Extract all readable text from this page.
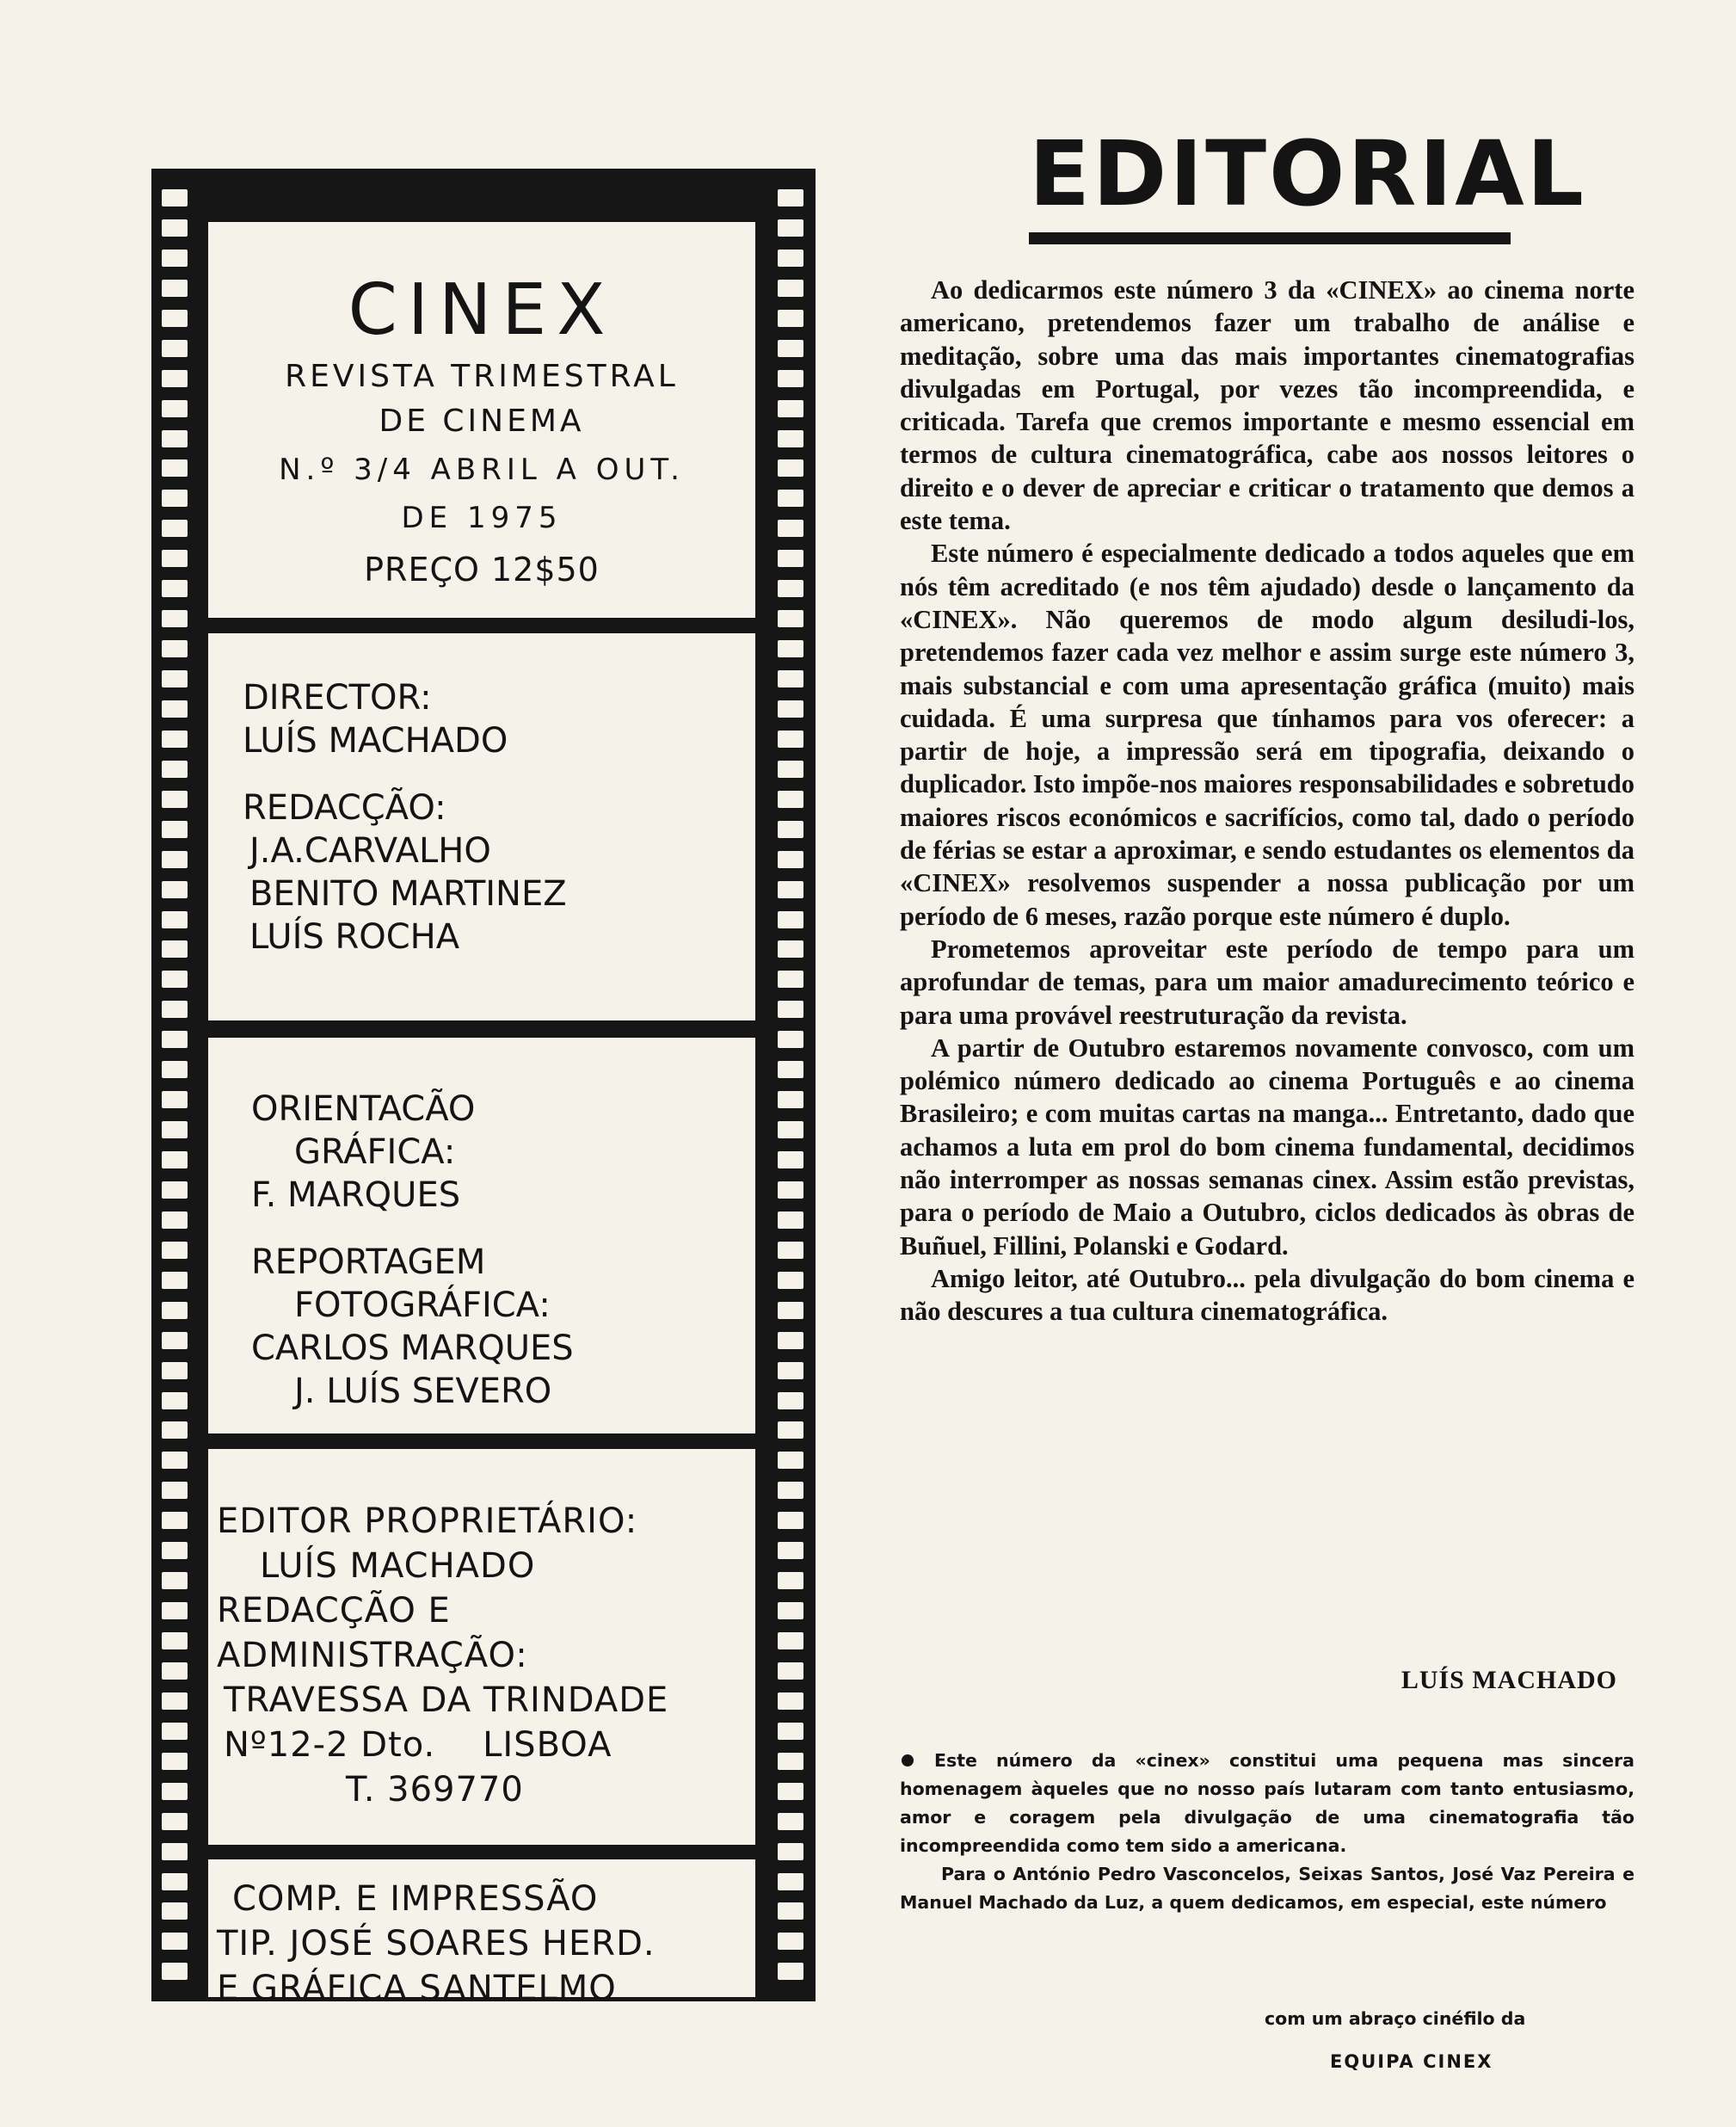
CINEX
REVISTA TRIMESTRAL
DE CINEMA
N.º 3/4 ABRIL A OUT.
DE 1975
PREÇO 12$50
DIRECTOR:
LUÍS MACHADO
REDACÇÃO:
J.A.CARVALHO
BENITO MARTINEZ
LUÍS ROCHA
ORIENTACÃO
GRÁFICA:
F. MARQUES
REPORTAGEM
FOTOGRÁFICA:
CARLOS MARQUES
J. LUÍS SEVERO
EDITOR PROPRIETÁRIO:
LUÍS MACHADO
REDACÇÃO E
ADMINISTRAÇÃO:
TRAVESSA DA TRINDADE
Nº12-2 Dto.    LISBOA
T. 369770
COMP. E IMPRESSÃO
TIP. JOSÉ SOARES HERD.
E GRÁFICA SANTELMO
EDITORIAL

Ao dedicarmos este número 3 da «CINEX» ao cinema norte americano, pretendemos fazer um trabalho de análise e meditação, sobre uma das mais importantes cinematografias divulgadas em Portugal, por vezes tão incompreendida, e criticada. Tarefa que cremos importante e mesmo essencial em termos de cultura cinematográfica, cabe aos nossos leitores o direito e o dever de apreciar e criticar o tratamento que demos a este tema.

Este número é especialmente dedicado a todos aqueles que em nós têm acreditado (e nos têm ajudado) desde o lançamento da «CINEX». Não queremos de modo algum desiludi-los, pretendemos fazer cada vez melhor e assim surge este número 3, mais substancial e com uma apresentação gráfica (muito) mais cuidada. É uma surpresa que tínhamos para vos oferecer: a partir de hoje, a impressão será em tipografia, deixando o duplicador. Isto impõe-nos maiores responsabilidades e sobretudo maiores riscos económicos e sacrifícios, como tal, dado o período de férias se estar a aproximar, e sendo estudantes os elementos da «CINEX» resolvemos suspender a nossa publicação por um período de 6 meses, razão porque este número é duplo.

Prometemos aproveitar este período de tempo para um aprofundar de temas, para um maior amadurecimento teórico e para uma provável reestruturação da revista.

A partir de Outubro estaremos novamente convosco, com um polémico número dedicado ao cinema Português e ao cinema Brasileiro; e com muitas cartas na manga... Entretanto, dado que achamos a luta em prol do bom cinema fundamental, decidimos não interromper as nossas semanas cinex. Assim estão previstas, para o período de Maio a Outubro, ciclos dedicados às obras de Buñuel, Fillini, Polanski e Godard.

Amigo leitor, até Outubro... pela divulgação do bom cinema e não descures a tua cultura cinematográfica.

LUÍS MACHADO

Este número da «cinex» constitui uma pequena mas sincera homenagem àqueles que no nosso país lutaram com tanto entusiasmo, amor e coragem pela divulgação de uma cinematografia tão incompreendida como tem sido a americana.

Para o António Pedro Vasconcelos, Seixas Santos, José Vaz Pereira e Manuel Machado da Luz, a quem dedicamos, em especial, este número

com um abraço cinéfilo da
EQUIPA CINEX
